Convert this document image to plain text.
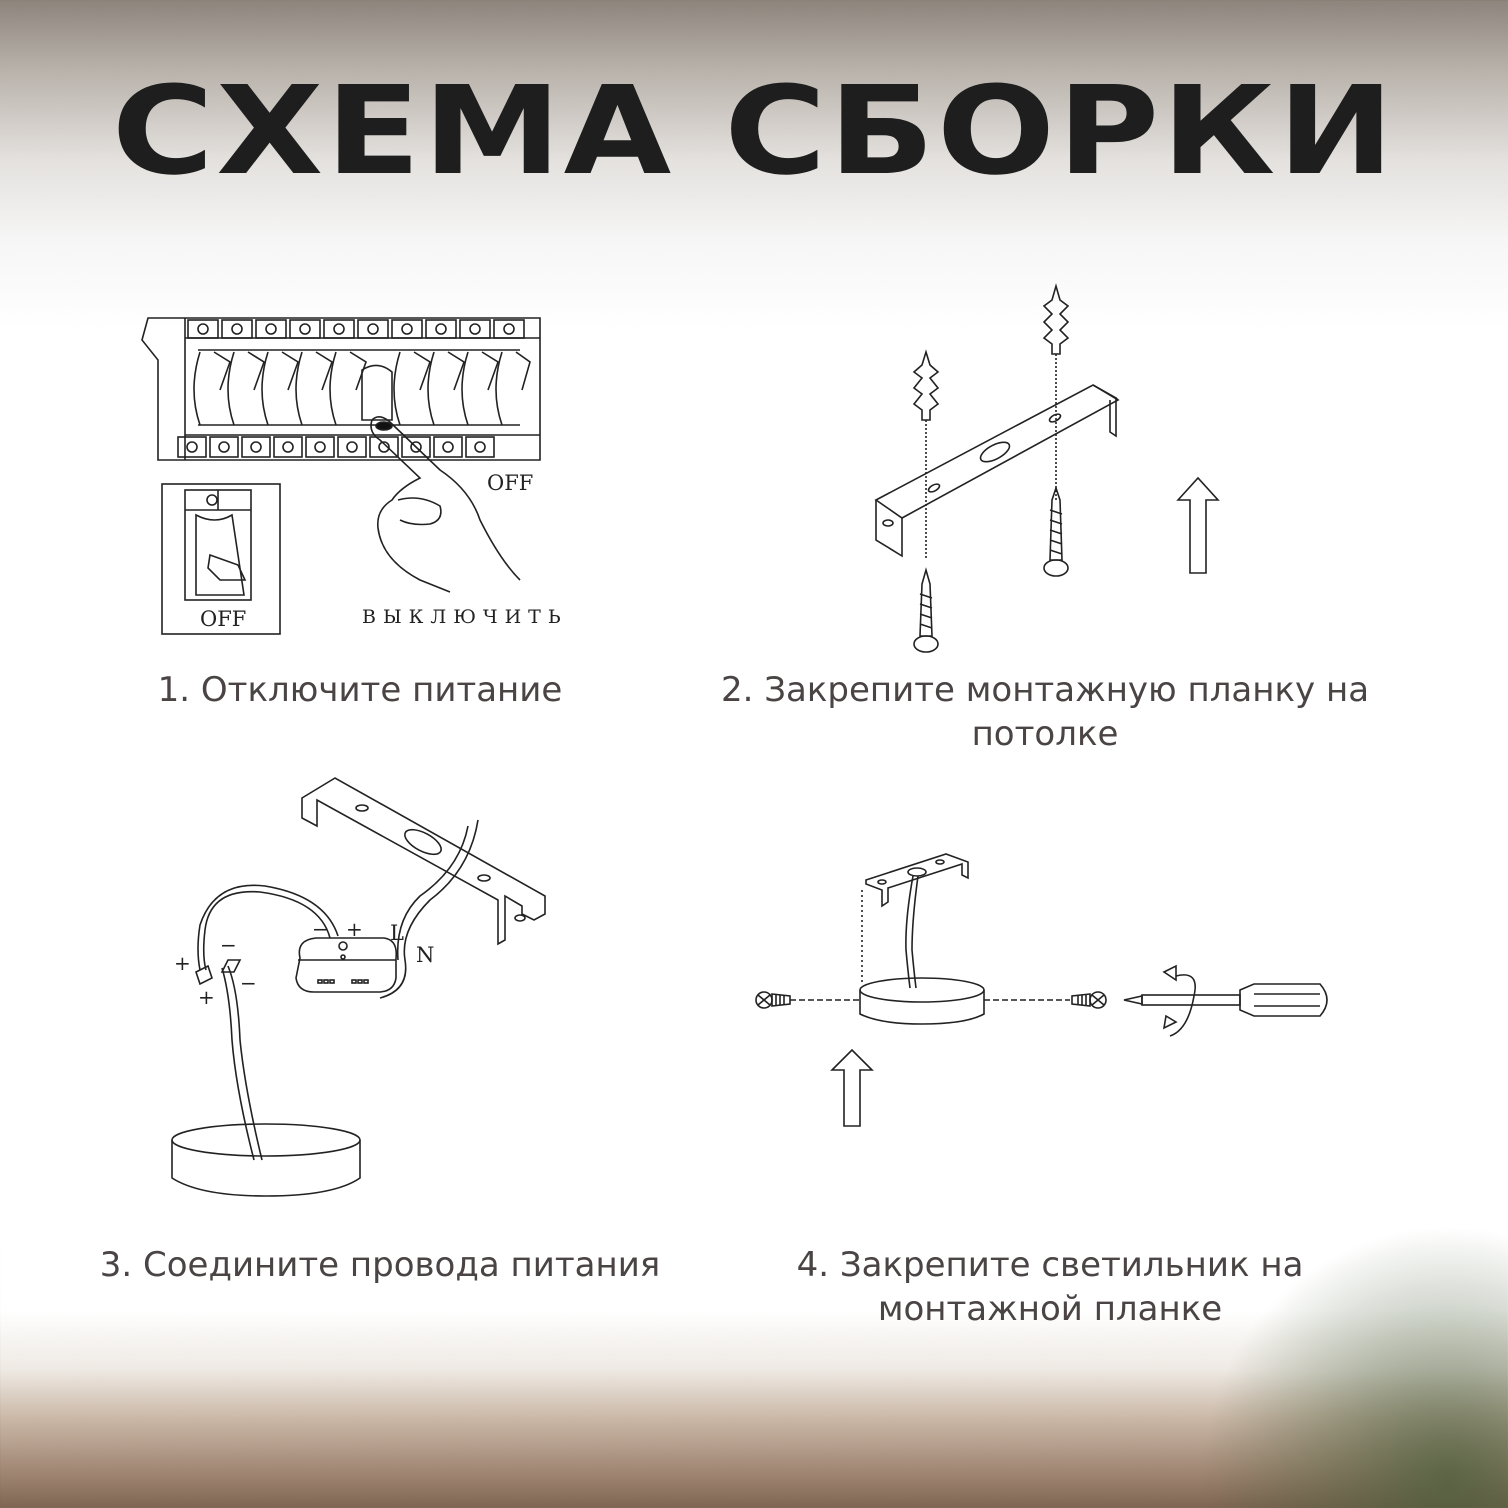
СХЕМА СБОРКИ
OFF
OFF	ВЫКЛЮЧИТЬ
− + L
N
+
−
+
−
1. Отключите питание	2. Закрепите монтажную планку на потолке
3. Соедините провода питания	4. Закрепите светильник на монтажной планке
